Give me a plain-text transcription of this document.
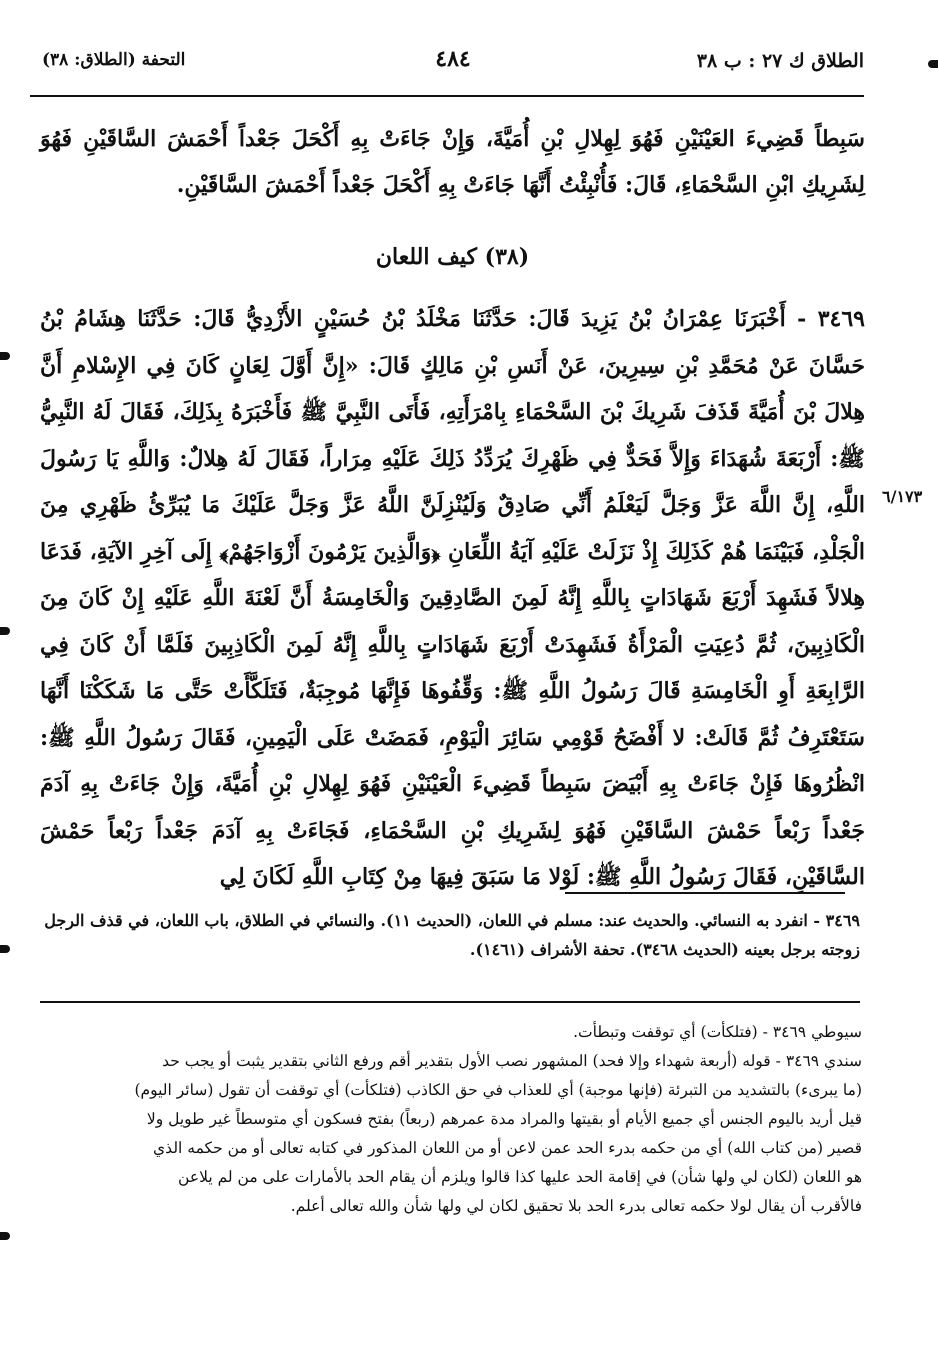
الطلاق ك ٢٧ : ب ٣٨
٤٨٤
التحفة (الطلاق: ٣٨)
٦/١٧٣

سَبِطاً قَضِيءَ العَيْنَيْنِ فَهُوَ لِهِلالِ بْنِ أُمَيَّةَ، وَإِنْ جَاءَتْ بِهِ أَكْحَلَ جَعْداً أَحْمَشَ السَّاقَيْنِ فَهُوَ لِشَرِيكِ ابْنِ السَّحْمَاءِ، قَالَ: فَأُنْبِئْتُ أَنَّهَا جَاءَتْ بِهِ أَكْحَلَ جَعْداً أَحْمَشَ السَّاقَيْنِ.

(٣٨) كيف اللعان

٣٤٦٩ - أَخْبَرَنَا عِمْرَانُ بْنُ يَزِيدَ قَالَ: حَدَّثَنَا مَخْلَدُ بْنُ حُسَيْنٍ الأَزْدِيُّ قَالَ: حَدَّثَنَا هِشَامُ بْنُ حَسَّانَ عَنْ مُحَمَّدِ بْنِ سِيرِينَ، عَنْ أَنَسِ بْنِ مَالِكٍ قَالَ: «إِنَّ أَوَّلَ لِعَانٍ كَانَ فِي الإِسْلامِ أَنَّ هِلالَ بْنَ أُمَيَّةَ قَذَفَ شَرِيكَ بْنَ السَّحْمَاءِ بِامْرَأَتِهِ، فَأَتَى النَّبِيَّ ﷺ فَأَخْبَرَهُ بِذَلِكَ، فَقَالَ لَهُ النَّبِيُّ ﷺ: أَرْبَعَةَ شُهَدَاءَ وَإِلاَّ فَحَدٌّ فِي ظَهْرِكَ يُرَدِّدُ ذَلِكَ عَلَيْهِ مِرَاراً، فَقَالَ لَهُ هِلالٌ: وَاللَّهِ يَا رَسُولَ اللَّهِ، إِنَّ اللَّهَ عَزَّ وَجَلَّ لَيَعْلَمُ أَنِّي صَادِقٌ وَلَيُنْزِلَنَّ اللَّهُ عَزَّ وَجَلَّ عَلَيْكَ مَا يُبَرِّئُ ظَهْرِي مِنَ الْجَلْدِ، فَبَيْنَمَا هُمْ كَذَلِكَ إِذْ نَزَلَتْ عَلَيْهِ آيَةُ اللِّعَانِ ﴿وَالَّذِينَ يَرْمُونَ أَزْوَاجَهُمْ﴾ إِلَى آخِرِ الآيَةِ، فَدَعَا هِلالاً فَشَهِدَ أَرْبَعَ شَهَادَاتٍ بِاللَّهِ إِنَّهُ لَمِنَ الصَّادِقِينَ وَالْخَامِسَةُ أَنَّ لَعْنَةَ اللَّهِ عَلَيْهِ إِنْ كَانَ مِنَ الْكَاذِبِينَ، ثُمَّ دُعِيَتِ الْمَرْأَةُ فَشَهِدَتْ أَرْبَعَ شَهَادَاتٍ بِاللَّهِ إِنَّهُ لَمِنَ الْكَاذِبِينَ فَلَمَّا أَنْ كَانَ فِي الرَّابِعَةِ أَوِ الْخَامِسَةِ قَالَ رَسُولُ اللَّهِ ﷺ: وَقِّفُوهَا فَإِنَّهَا مُوجِبَةٌ، فَتَلَكَّأَتْ حَتَّى مَا شَكَكْنَا أَنَّهَا سَتَعْتَرِفُ ثُمَّ قَالَتْ: لا أَفْضَحُ قَوْمِي سَائِرَ الْيَوْمِ، فَمَضَتْ عَلَى الْيَمِينِ، فَقَالَ رَسُولُ اللَّهِ ﷺ: انْظُرُوهَا فَإِنْ جَاءَتْ بِهِ أَبْيَضَ سَبِطاً قَضِيءَ الْعَيْنَيْنِ فَهُوَ لِهِلالِ بْنِ أُمَيَّةَ، وَإِنْ جَاءَتْ بِهِ آدَمَ جَعْداً رَبْعاً حَمْشَ السَّاقَيْنِ فَهُوَ لِشَرِيكِ بْنِ السَّحْمَاءِ، فَجَاءَتْ بِهِ آدَمَ جَعْداً رَبْعاً حَمْشَ السَّاقَيْنِ، فَقَالَ رَسُولُ اللَّهِ ﷺ: لَوْلا مَا سَبَقَ فِيهَا مِنْ كِتَابِ اللَّهِ لَكَانَ لِي

٣٤٦٩ - انفرد به النسائي. والحديث عند: مسلم في اللعان، (الحديث ١١). والنسائي في الطلاق، باب اللعان، في قذف الرجل زوجته برجل بعينه (الحديث ٣٤٦٨). تحفة الأشراف (١٤٦١).

سيوطي ٣٤٦٩ - (فتلكأت) أي توقفت وتبطأت.

سندي ٣٤٦٩ - قوله (أربعة شهداء وإلا فحد) المشهور نصب الأول بتقدير أقم ورفع الثاني بتقدير يثبت أو يجب حد

(ما يبرىء) بالتشديد من التبرئة (فإنها موجبة) أي للعذاب في حق الكاذب (فتلكأت) أي توقفت أن تقول (سائر اليوم)

قيل أريد باليوم الجنس أي جميع الأيام أو بقيتها والمراد مدة عمرهم (ربعاً) بفتح فسكون أي متوسطاً غير طويل ولا

قصير (من كتاب الله) أي من حكمه بدرء الحد عمن لاعن أو من اللعان المذكور في كتابه تعالى أو من حكمه الذي

هو اللعان (لكان لي ولها شأن) في إقامة الحد عليها كذا قالوا ويلزم أن يقام الحد بالأمارات على من لم يلاعن

فالأقرب أن يقال لولا حكمه تعالى بدرء الحد بلا تحقيق لكان لي ولها شأن والله تعالى أعلم.
